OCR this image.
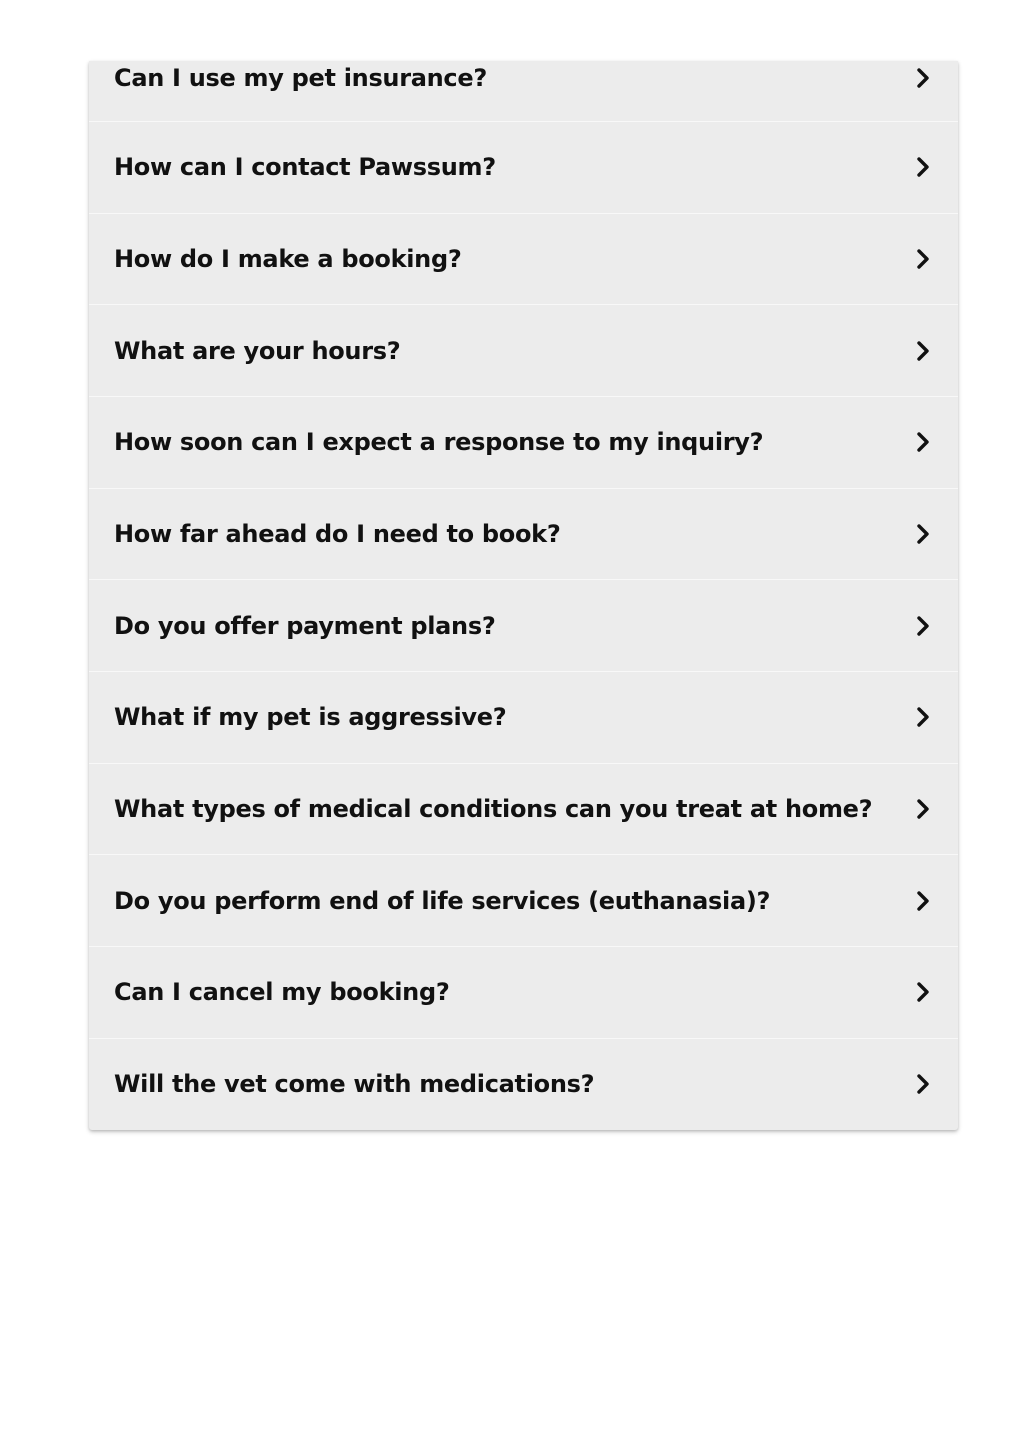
Can I use my pet insurance?
How can I contact Pawssum?
How do I make a booking?
What are your hours?
How soon can I expect a response to my inquiry?
How far ahead do I need to book?
Do you offer payment plans?
What if my pet is aggressive?
What types of medical conditions can you treat at home?
Do you perform end of life services (euthanasia)?
Can I cancel my booking?
Will the vet come with medications?
